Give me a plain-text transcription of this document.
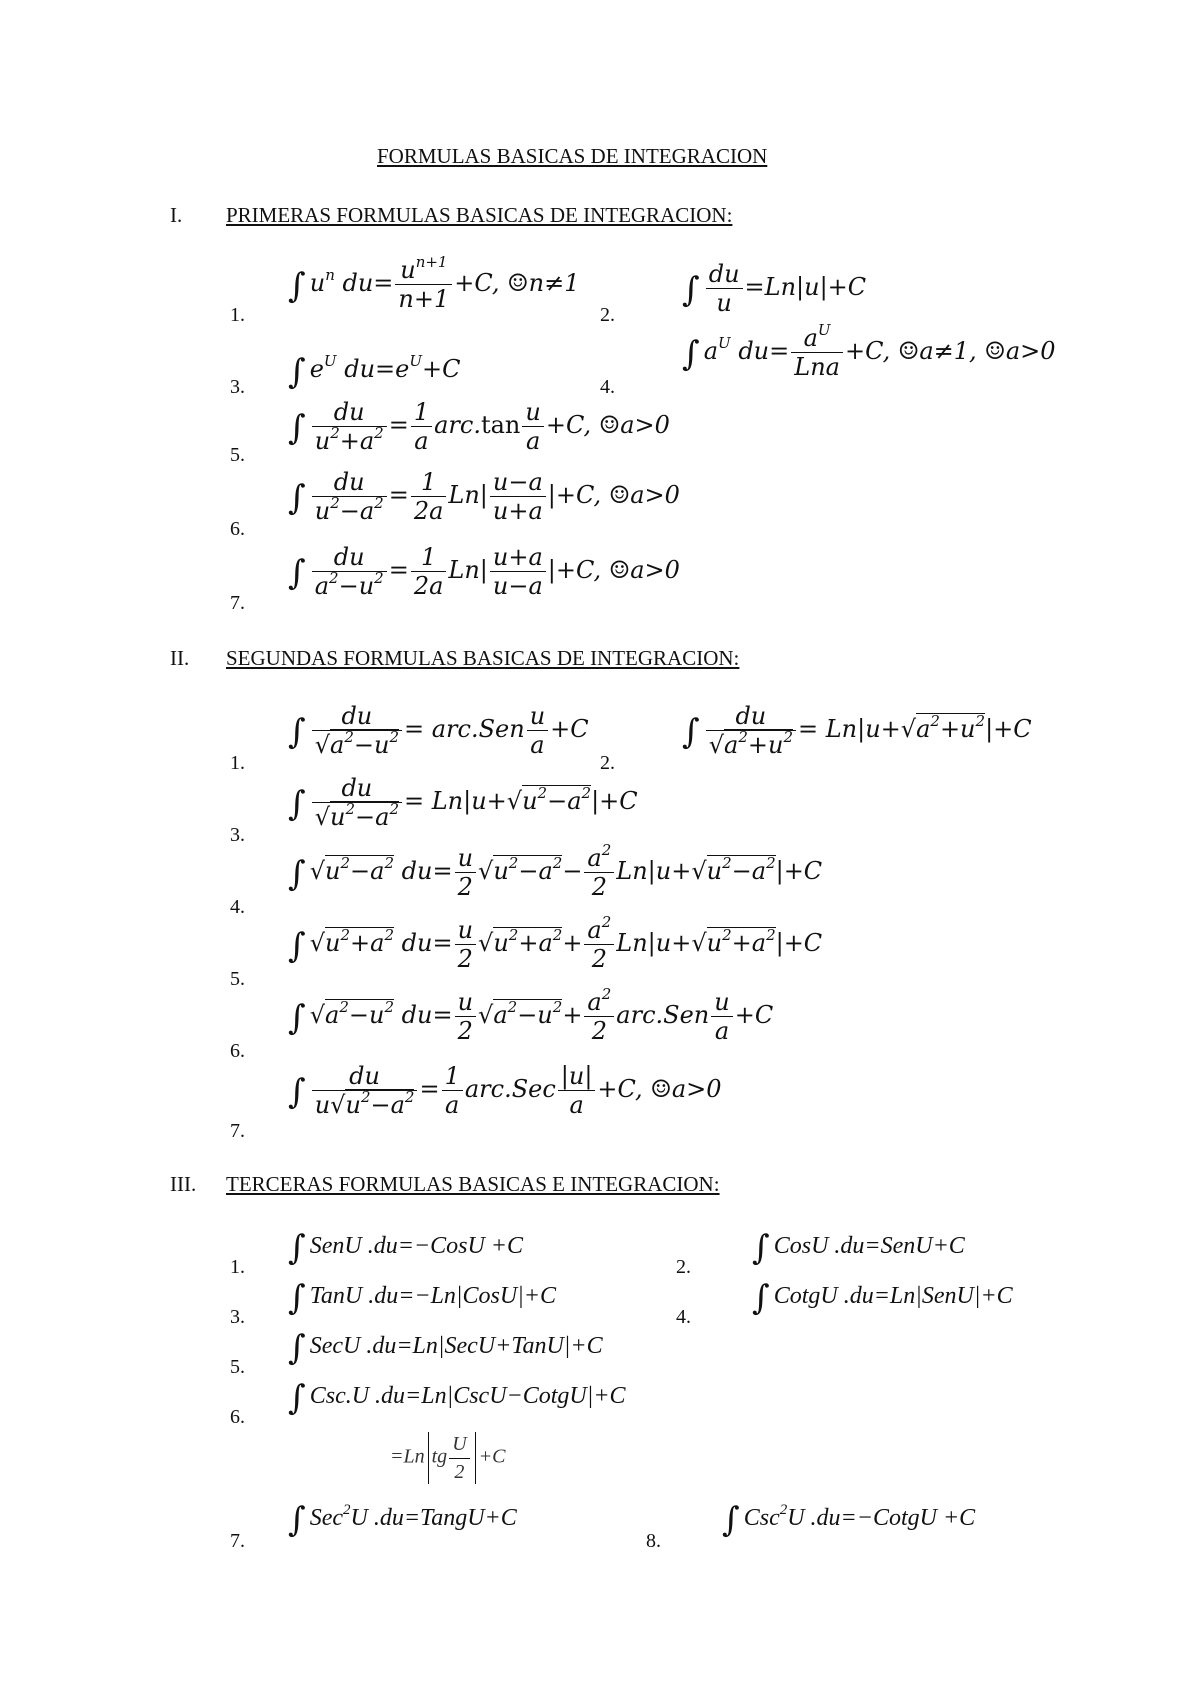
FORMULAS BASICAS DE INTEGRACION
I. PRIMERAS FORMULAS BASICAS DE INTEGRACION:
1.
∫ $u^n$ $du= \frac{u^{n+1}}{n+1} +C$, ☺n≠1
2.
∫ $\frac{du}{u} =Ln|u|+C$
3. ∫ $e^U$ $du=e^U+C$
4.
∫ $a^U$ $du= a^U$
Lna
+C, ☺a≠1, ☺a>0
5.
∫ $\frac{du}{u^2+a^2} = \frac{1}{a} arc.\tan \frac{u}{a} +C$, ☺a>0
6.
∫ $\frac{du}{u^2-a^2} = \frac{1}{2a} Ln| \frac{u-a}{u+a} |+C$, ☺a>0
7.
∫ $\frac{du}{a^2-u^2} = \frac{1}{2a} Ln| \frac{u+a}{u-a} |+C$, ☺a>0
II. SEGUNDAS FORMULAS BASICAS DE INTEGRACION:
1.
∫ $\frac{du}{√a^2-u^2} = arc.Sen \frac{u}{a} +C$
2.
∫ $\frac{du}{√a^2+u^2} = Ln|u+√a^2+u^2|+C$
3.
∫ $\frac{du}{√u^2-a^2} = Ln|u+√u^2-a^2|+C$
4.
∫ $√u^2-a^2$ $du= \frac{u}{2} √u^2-a^2- \frac{a^2}{2} Ln|u+√u^2-a^2|+C$
5.
∫ $√u^2+a^2$ $du= \frac{u}{2} √u^2+a^2+ \frac{a^2}{2} Ln|u+√u^2+a^2|+C$
6.
∫ $√a^2-u^2$ $du= \frac{u}{2} √a^2-u^2+ \frac{a^2}{2} arc.Sen \frac{u}{a} +C$
7.
∫ $\frac{du}{u√u^2-a^2} = \frac{1}{a} arc.Sec \frac{|u|}{a} +C$, ☺a>0
III. TERCERAS FORMULAS BASICAS E INTEGRACION:
1. ∫ SenU .du=−CosU +C
2. ∫ CosU .du=SenU+C
3. ∫ TanU .du=−Ln|CosU|+C
4. ∫ CotgU .du=Ln|SenU|+C
5. ∫ SecU .du=Ln|SecU+TanU|+C
6. ∫ Csc.U .du=Ln|CscU−CotgU|+C
=Ln tg $\frac{U}{2} +C$
7.
∫ Sec$^2$U .du=TangU+C
8.
∫ Csc$^2$U .du=−CotgU +C
